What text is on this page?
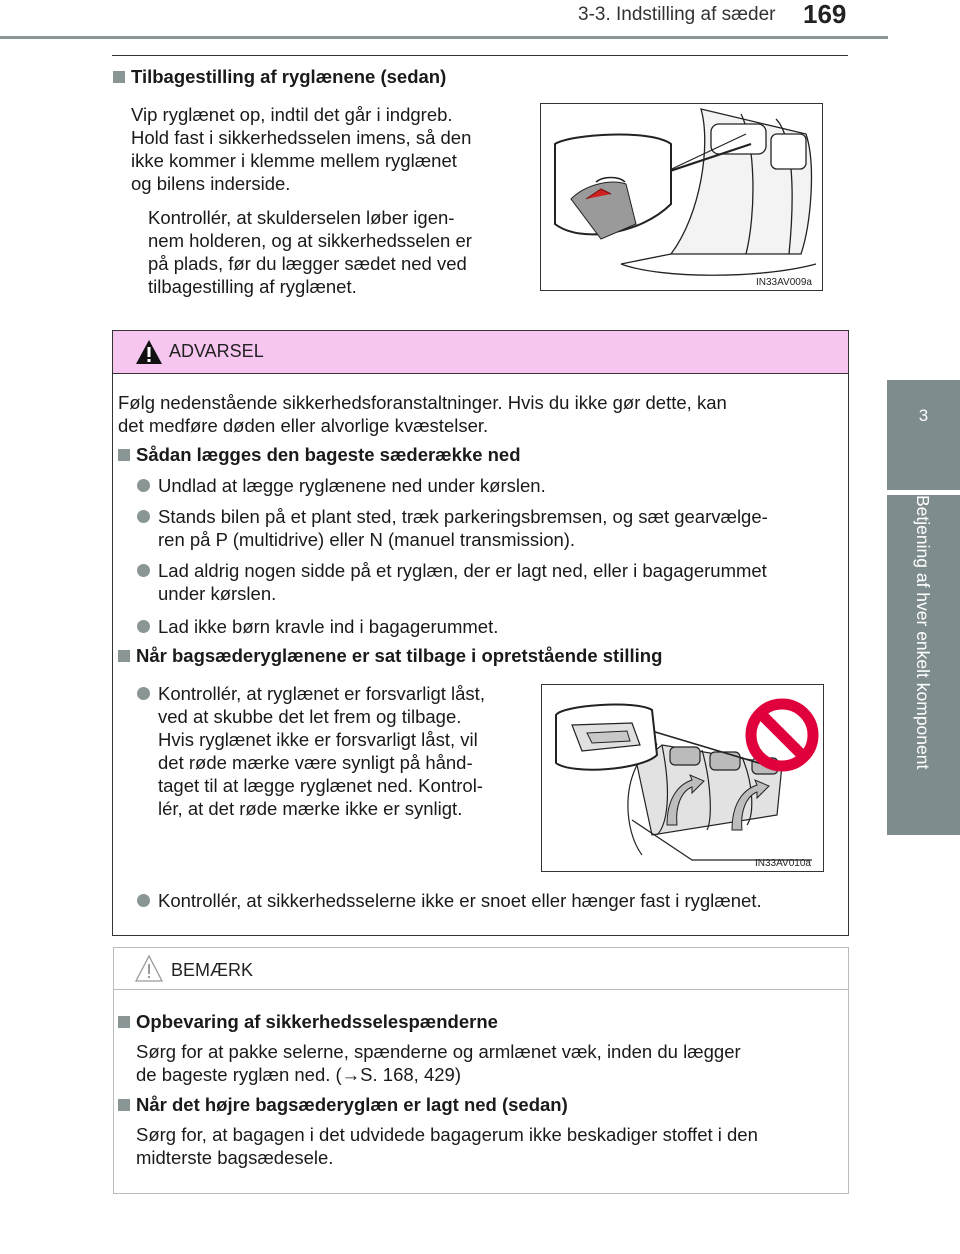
3-3. Indstilling af sæder 169
3
Betjening af hver enkelt komponent
Tilbagestilling af ryglænene (sedan)
Vip ryglænet op, indtil det går i indgreb.
Hold fast i sikkerhedsselen imens, så den
ikke kommer i klemme mellem ryglænet
og bilens inderside.
Kontrollér, at skulderselen løber igen-
nem holderen, og at sikkerhedsselen er
på plads, før du lægger sædet ned ved
tilbagestilling af ryglænet.	IN33AV009a
ADVARSEL
Følg nedenstående sikkerhedsforanstaltninger. Hvis du ikke gør dette, kan
det medføre døden eller alvorlige kvæstelser.
Sådan lægges den bageste sæderække ned
Undlad at lægge ryglænene ned under kørslen.
Stands bilen på et plant sted, træk parkeringsbremsen, og sæt gearvælge-
ren på P (multidrive) eller N (manuel transmission).
Lad aldrig nogen sidde på et ryglæn, der er lagt ned, eller i bagagerummet
under kørslen.
Lad ikke børn kravle ind i bagagerummet.
Når bagsæderyglænene er sat tilbage i opretstående stilling
Kontrollér, at ryglænet er forsvarligt låst,
ved at skubbe det let frem og tilbage.
Hvis ryglænet ikke er forsvarligt låst, vil
det røde mærke være synligt på hånd-
taget til at lægge ryglænet ned. Kontrol-
lér, at det røde mærke ikke er synligt.
IN33AV010a
Kontrollér, at sikkerhedsselerne ikke er snoet eller hænger fast i ryglænet.
BEMÆRK
Opbevaring af sikkerhedsselespænderne
Sørg for at pakke selerne, spænderne og armlænet væk, inden du lægger
de bageste ryglæn ned. (→S. 168, 429)
Når det højre bagsæderyglæn er lagt ned (sedan)
Sørg for, at bagagen i det udvidede bagagerum ikke beskadiger stoffet i den
midterste bagsædesele.
